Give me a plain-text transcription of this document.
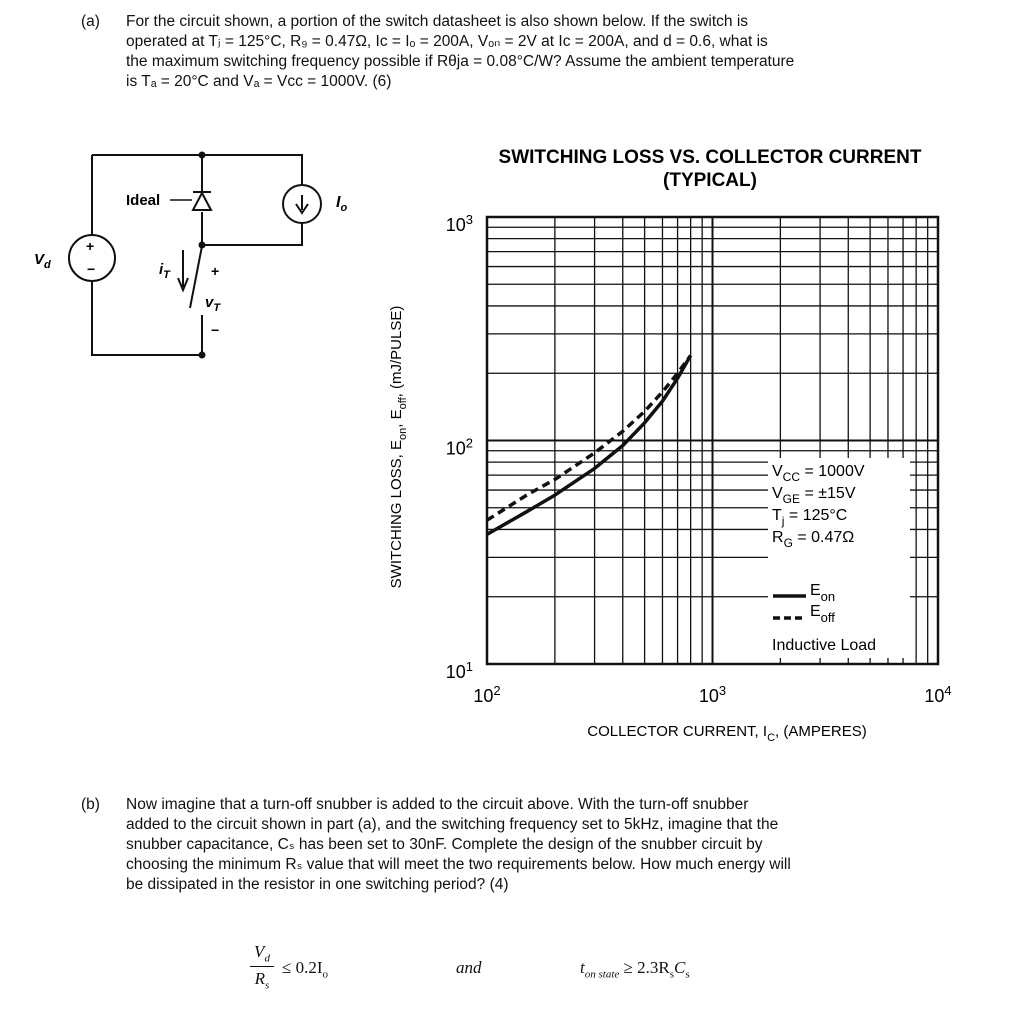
(a) For the circuit shown, a portion of the switch datasheet is also shown below. If the switch is
operated at Tⱼ = 125°C, R₉ = 0.47Ω, Iᴄ = Iₒ = 200A, Vₒₙ = 2V at Iᴄ = 200A, and d = 0.6, what is
the maximum switching frequency possible if Rθja = 0.08°C/W? Assume the ambient temperature
is Tₐ = 20°C and Vₐ = Vᴄᴄ = 1000V. (6)
Ideal
+
−
$V_d$
$I_o$
$i_T$	+
$v_T$
−
SWITCHING LOSS VS. COLLECTOR CURRENT
(TYPICAL)
$10^2$	$10^3$	$10^4$
$10^3$
$10^2$
$10^1$
$V_{CC} = 1000V$
$V_{GE} = \pm 15V$
$T_j = 125^\circ C$
$R_G = 0.47\Omega$
$E_{on}$
$E_{off}$
Inductive Load
COLLECTOR CURRENT, $I_C$, (AMPERES)
SWITCHING LOSS, $E_{on}$, $E_{off}$, (mJ/PULSE)
(b) Now imagine that a turn-off snubber is added to the circuit above. With the turn-off snubber
added to the circuit shown in part (a), and the switching frequency set to 5kHz, imagine that the
snubber capacitance, Cₛ has been set to 30nF. Complete the design of the snubber circuit by
choosing the minimum Rₛ value that will meet the two requirements below. How much energy will
be dissipated in the resistor in one switching period? (4)
$V_d$
$R_s$
≤ $0.2I_o$	and	$t_{on state} \ge 2.3R_sC_s$
